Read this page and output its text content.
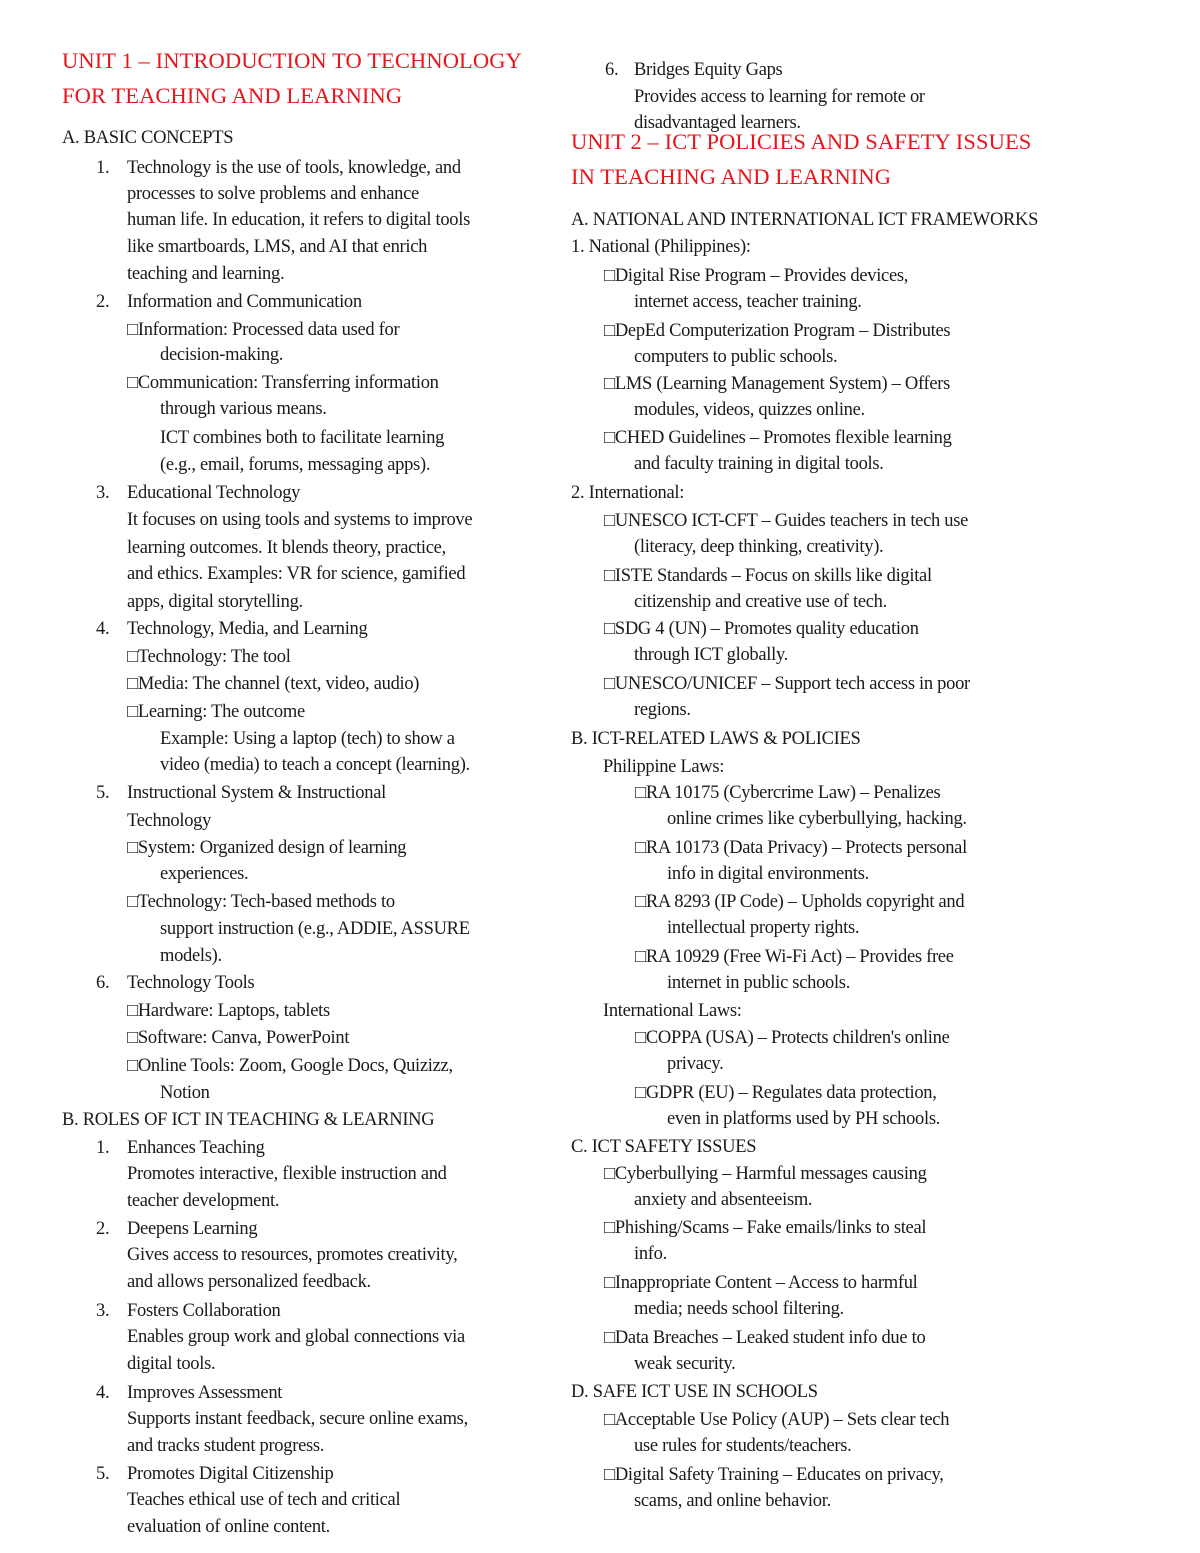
UNIT 1 – INTRODUCTION TO TECHNOLOGY
FOR TEACHING AND LEARNING
A. BASIC CONCEPTS
1. Technology is the use of tools, knowledge, and
processes to solve problems and enhance
human life. In education, it refers to digital tools
like smartboards, LMS, and AI that enrich
teaching and learning.
2. Information and Communication
□Information: Processed data used for
decision-making.
□Communication: Transferring information
through various means.
ICT combines both to facilitate learning
(e.g., email, forums, messaging apps).
3. Educational Technology
It focuses on using tools and systems to improve
learning outcomes. It blends theory, practice,
and ethics. Examples: VR for science, gamified
apps, digital storytelling.
4. Technology, Media, and Learning
□Technology: The tool
□Media: The channel (text, video, audio)
□Learning: The outcome
Example: Using a laptop (tech) to show a
video (media) to teach a concept (learning).
5. Instructional System & Instructional
Technology
□System: Organized design of learning
experiences.
□Technology: Tech-based methods to
support instruction (e.g., ADDIE, ASSURE
models).
6. Technology Tools
□Hardware: Laptops, tablets
□Software: Canva, PowerPoint
□Online Tools: Zoom, Google Docs, Quizizz,
Notion
B. ROLES OF ICT IN TEACHING & LEARNING
1. Enhances Teaching
Promotes interactive, flexible instruction and
teacher development.
2. Deepens Learning
Gives access to resources, promotes creativity,
and allows personalized feedback.
3. Fosters Collaboration
Enables group work and global connections via
digital tools.
4. Improves Assessment
Supports instant feedback, secure online exams,
and tracks student progress.
5. Promotes Digital Citizenship
Teaches ethical use of tech and critical
evaluation of online content.
6. Bridges Equity Gaps
Provides access to learning for remote or
disadvantaged learners.
UNIT 2 – ICT POLICIES AND SAFETY ISSUES
IN TEACHING AND LEARNING
A. NATIONAL AND INTERNATIONAL ICT FRAMEWORKS
1. National (Philippines):
□Digital Rise Program – Provides devices,
internet access, teacher training.
□DepEd Computerization Program – Distributes
computers to public schools.
□LMS (Learning Management System) – Offers
modules, videos, quizzes online.
□CHED Guidelines – Promotes flexible learning
and faculty training in digital tools.
2. International:
□UNESCO ICT-CFT – Guides teachers in tech use
(literacy, deep thinking, creativity).
□ISTE Standards – Focus on skills like digital
citizenship and creative use of tech.
□SDG 4 (UN) – Promotes quality education
through ICT globally.
□UNESCO/UNICEF – Support tech access in poor
regions.
B. ICT-RELATED LAWS & POLICIES
Philippine Laws:
□RA 10175 (Cybercrime Law) – Penalizes
online crimes like cyberbullying, hacking.
□RA 10173 (Data Privacy) – Protects personal
info in digital environments.
□RA 8293 (IP Code) – Upholds copyright and
intellectual property rights.
□RA 10929 (Free Wi-Fi Act) – Provides free
internet in public schools.
International Laws:
□COPPA (USA) – Protects children's online
privacy.
□GDPR (EU) – Regulates data protection,
even in platforms used by PH schools.
C. ICT SAFETY ISSUES
□Cyberbullying – Harmful messages causing
anxiety and absenteeism.
□Phishing/Scams – Fake emails/links to steal
info.
□Inappropriate Content – Access to harmful
media; needs school filtering.
□Data Breaches – Leaked student info due to
weak security.
D. SAFE ICT USE IN SCHOOLS
□Acceptable Use Policy (AUP) – Sets clear tech
use rules for students/teachers.
□Digital Safety Training – Educates on privacy,
scams, and online behavior.
